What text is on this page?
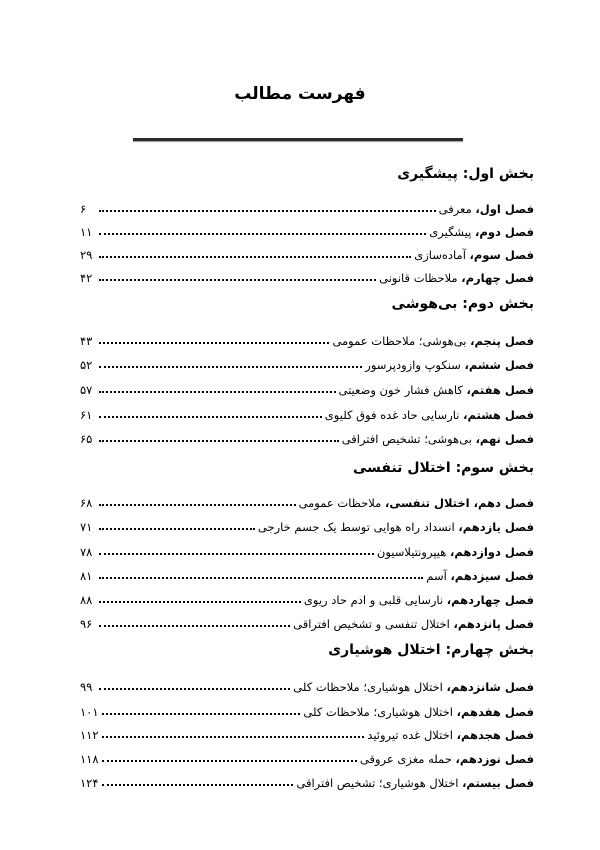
فهرست مطالب
بخش اول: پیشگیری
فصل اول، معرفی
۶
فصل دوم، پیشگیری
۱۱
فصل سوم، آماده‌سازی
۲۹
فصل چهارم، ملاحظات قانونی
۴۲
بخش دوم: بی‌هوشی
فصل پنجم، بی‌هوشی؛ ملاحظات عمومی
۴۳
فصل ششم، سنکوپ وازودپرسور
۵۲
فصل هفتم، کاهش فشار خون وضعیتی
۵۷
فصل هشتم، نارسایی حاد غده فوق کلیوی
۶۱
فصل نهم، بی‌هوشی؛ تشخیص افتراقی
۶۵
بخش سوم: اختلال تنفسی
فصل دهم، اختلال تنفسی، ملاحظات عمومی
۶۸
فصل یازدهم، انسداد راه هوایی توسط یک جسم خارجی
۷۱
فصل دوازدهم، هیپرونتیلاسیون
۷۸
فصل سیزدهم، آسم
۸۱
فصل چهاردهم، نارسایی قلبی و ادم حاد ریوی
۸۸
فصل پانزدهم، اختلال تنفسی و تشخیص افتراقی
۹۶
بخش چهارم: اختلال هوشیاری
فصل شانزدهم، اختلال هوشیاری؛ ملاحظات کلی
۹۹
فصل هفدهم، اختلال هوشیاری؛ ملاحظات کلی
۱۰۱
فصل هجدهم، اختلال غده تیروئید
۱۱۲
فصل نوزدهم، حمله مغزی عروقی
۱۱۸
فصل بیستم، اختلال هوشیاری؛ تشخیص افتراقی
۱۲۴
